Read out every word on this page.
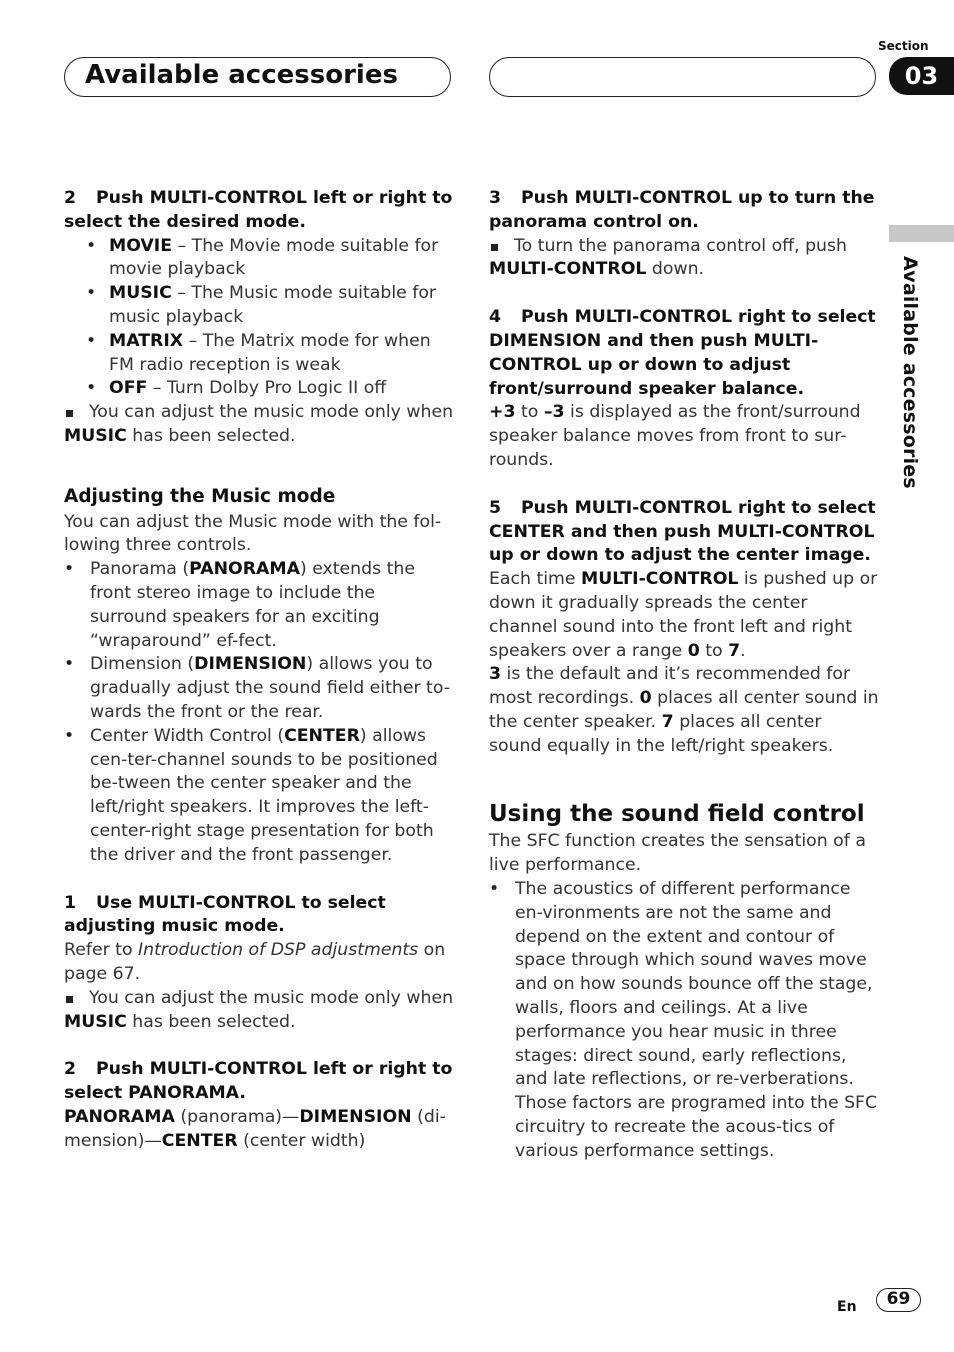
Available accessories
Section
03
Available accessories

2 Push MULTI-CONTROL left or right to select the desired mode.

• MOVIE – The Movie mode suitable for movie playback
• MUSIC – The Music mode suitable for music playback
• MATRIX – The Matrix mode for when FM radio reception is weak
• OFF – Turn Dolby Pro Logic II off
You can adjust the music mode only when

MUSIC has been selected.

Adjusting the Music mode

You can adjust the Music mode with the fol-lowing three controls.

• Panorama (PANORAMA) extends the front stereo image to include the surround speakers for an exciting “wraparound” ef-fect.
• Dimension (DIMENSION) allows you to gradually adjust the sound field either to-wards the front or the rear.
• Center Width Control (CENTER) allows cen-ter-channel sounds to be positioned be-tween the center speaker and the left/right speakers. It improves the left-center-right stage presentation for both the driver and the front passenger.

1 Use MULTI-CONTROL to select adjusting music mode.

Refer to Introduction of DSP adjustments on page 67.

You can adjust the music mode only when

MUSIC has been selected.

2 Push MULTI-CONTROL left or right to select PANORAMA.

PANORAMA (panorama)—DIMENSION (di-mension)—CENTER (center width)

3 Push MULTI-CONTROL up to turn the panorama control on.

To turn the panorama control off, push

MULTI-CONTROL down.

4 Push MULTI-CONTROL right to select DIMENSION and then push MULTI-CONTROL up or down to adjust front/surround speaker balance.

+3 to –3 is displayed as the front/surround speaker balance moves from front to sur-rounds.

5 Push MULTI-CONTROL right to select CENTER and then push MULTI-CONTROL up or down to adjust the center image.

Each time MULTI-CONTROL is pushed up or down it gradually spreads the center channel sound into the front left and right speakers over a range 0 to 7.

3 is the default and it’s recommended for most recordings. 0 places all center sound in the center speaker. 7 places all center sound equally in the left/right speakers.

Using the sound field control

The SFC function creates the sensation of a live performance.

• The acoustics of different performance en-vironments are not the same and depend on the extent and contour of space through which sound waves move and on how sounds bounce off the stage, walls, floors and ceilings. At a live performance you hear music in three stages: direct sound, early reflections, and late reflections, or re-verberations. Those factors are programed into the SFC circuitry to recreate the acous-tics of various performance settings.
En	69
